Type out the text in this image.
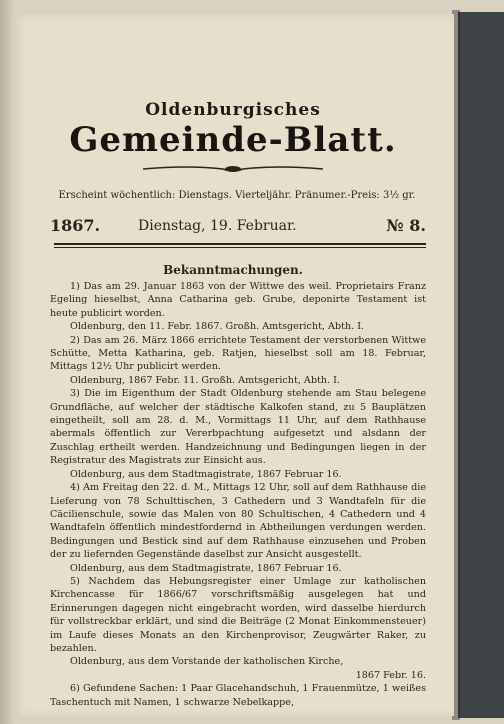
Oldenburgisches
Gemeinde-Blatt.
Erscheint wöchentlich: Dienstags. Vierteljähr. Pränumer.-Preis: 3½ gr.
1867.	Dienstag, 19. Februar.	№ 8.
Bekanntmachungen.

1) Das am 29. Januar 1863 von der Wittwe des weil. Proprietairs Franz Egeling hieselbst, Anna Catharina geb. Grube, deponirte Testament ist heute publicirt worden.

Oldenburg, den 11. Febr. 1867. Großh. Amtsgericht, Abth. I.

2) Das am 26. März 1866 errichtete Testament der verstorbenen Wittwe Schütte, Metta Katharina, geb. Ratjen, hieselbst soll am 18. Februar, Mittags 12½ Uhr publicirt werden.

Oldenburg, 1867 Febr. 11. Großh. Amtsgericht, Abth. I.

3) Die im Eigenthum der Stadt Oldenburg stehende am Stau belegene Grundfläche, auf welcher der städtische Kalkofen stand, zu 5 Bauplätzen eingetheilt, soll am 28. d. M., Vormittags 11 Uhr, auf dem Rathhause abermals öffentlich zur Vererbpachtung aufgesetzt und alsdann der Zuschlag ertheilt werden. Handzeichnung und Bedingungen liegen in der Registratur des Magistrats zur Einsicht aus.

Oldenburg, aus dem Stadtmagistrate, 1867 Februar 16.

4) Am Freitag den 22. d. M., Mittags 12 Uhr, soll auf dem Rathhause die Lieferung von 78 Schulttischen, 3 Cathedern und 3 Wandtafeln für die Cäcilienschule, sowie das Malen von 80 Schultischen, 4 Cathedern und 4 Wandtafeln öffentlich mindestfordernd in Abtheilungen verdungen werden. Bedingungen und Bestick sind auf dem Rathhause einzusehen und Proben der zu liefernden Gegenstände daselbst zur Ansicht ausgestellt.

Oldenburg, aus dem Stadtmagistrate, 1867 Februar 16.

5) Nachdem das Hebungsregister einer Umlage zur katholischen Kirchencasse für 1866/67 vorschriftsmäßig ausgelegen hat und Erinnerungen dagegen nicht eingebracht worden, wird dasselbe hierdurch für vollstreckbar erklärt, und sind die Beiträge (2 Monat Einkommensteuer) im Laufe dieses Monats an den Kirchenprovisor, Zeugwärter Raker, zu bezahlen.

Oldenburg, aus dem Vorstande der katholischen Kirche,

1867 Febr. 16.

6) Gefundene Sachen: 1 Paar Glacehandschuh, 1 Frauenmütze, 1 weißes Taschentuch mit Namen, 1 schwarze Nebelkappe,
